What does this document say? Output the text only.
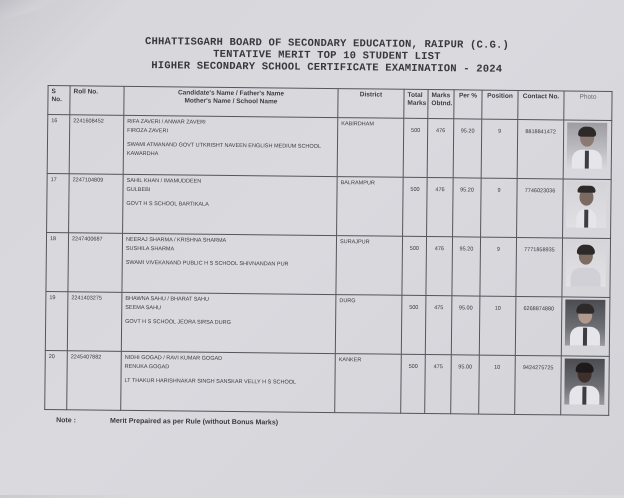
CHHATTISGARH BOARD OF SECONDARY EDUCATION, RAIPUR (C.G.)
TENTATIVE MERIT TOP 10 STUDENT LIST
HIGHER SECONDARY SCHOOL CERTIFICATE EXAMINATION - 2024
S No.	Roll No.	Candidate's Name / Father's Name
Mother's Name / School Name	District	Total Marks	Marks Obtnd.	Per %	Position	Contact No.	Photo
16	2241608452	RIFA ZAVERI / ANWAR ZAVERI
FIROZA ZAVERI
SWAMI ATMANAND GOVT UTKRISHT NAVEEN ENGLISH MEDIUM SCHOOL KAWARDHA	KABIRDHAM	500	476	95.20	9	8818841472	

17	2247104809	SAHIL KHAN / IMAMUDDEEN
GULBEBI
GOVT H S SCHOOL BARTIKALA	BALRAMPUR	500	476	95.20	9	7746023036	

18	2247400687	NEERAJ SHARMA / KRISHNA SHARMA
SUSHILA SHARMA
SWAMI VIVEKANAND PUBLIC H S SCHOOL SHIVNANDAN PUR	SURAJPUR	500	476	95.20	9	7771858935	

19	2241403275	BHAWNA SAHU / BHARAT SAHU
SEEMA SAHU
GOVT H S SCHOOL JEORA SIRSA DURG	DURG	500	475	95.00	10	6268874880	

20	2245407882	NIDHI GOGAD / RAVI KUMAR GOGAD
RENUKA GOGAD
LT THAKUR HARISHNAKAR SINGH SANSKAR VELLY H S SCHOOL	KANKER	500	475	95.00	10	9424275725	
Note :	Merit Prepaired as per Rule (without Bonus Marks)
